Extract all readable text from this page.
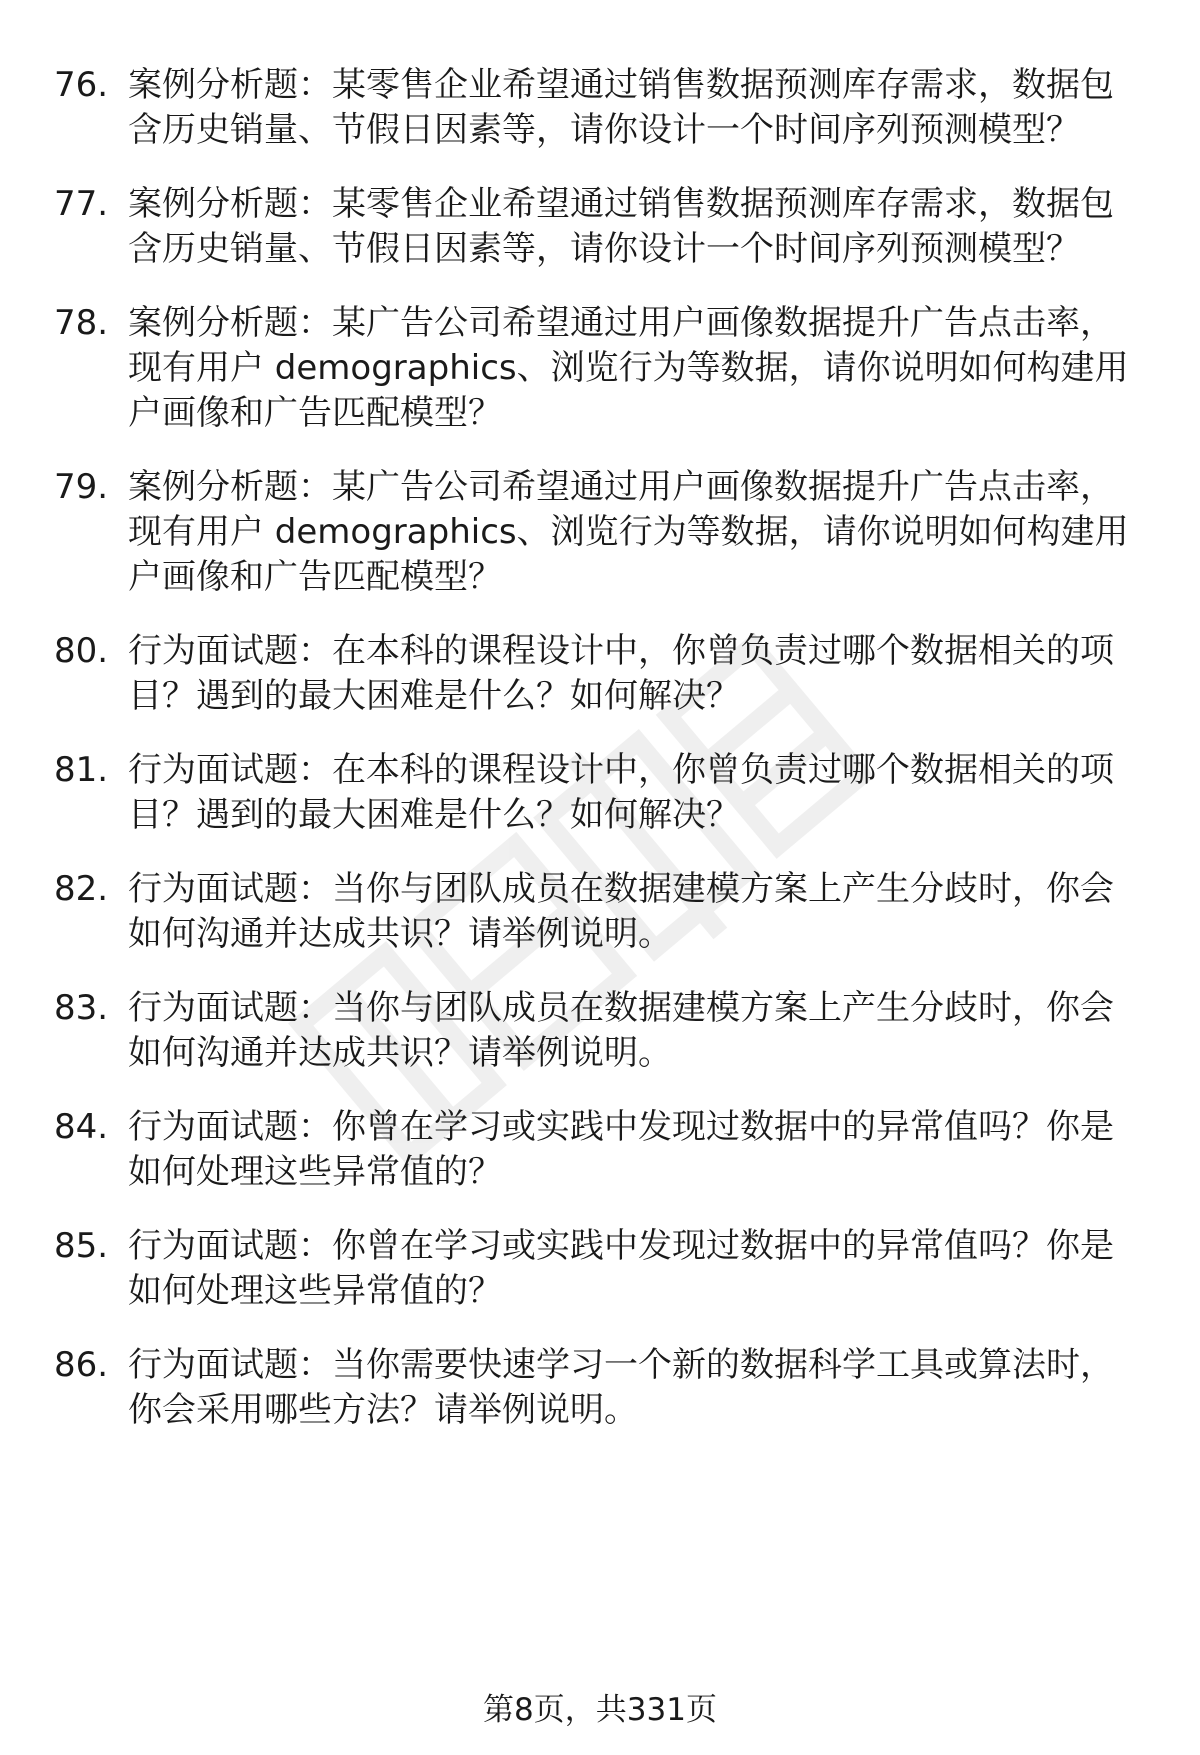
76. 案例分析题：某零售企业希望通过销售数据预测库存需求，数据包含历史销量、节假日因素等，请你设计一个时间序列预测模型？
77. 案例分析题：某零售企业希望通过销售数据预测库存需求，数据包含历史销量、节假日因素等，请你设计一个时间序列预测模型？
78. 案例分析题：某广告公司希望通过用户画像数据提升广告点击率，现有用户 demographics、浏览行为等数据，请你说明如何构建用户画像和广告匹配模型？
79. 案例分析题：某广告公司希望通过用户画像数据提升广告点击率，现有用户 demographics、浏览行为等数据，请你说明如何构建用户画像和广告匹配模型？
80. 行为面试题：在本科的课程设计中，你曾负责过哪个数据相关的项目？遇到的最大困难是什么？如何解决？
81. 行为面试题：在本科的课程设计中，你曾负责过哪个数据相关的项目？遇到的最大困难是什么？如何解决？
82. 行为面试题：当你与团队成员在数据建模方案上产生分歧时，你会如何沟通并达成共识？请举例说明。
83. 行为面试题：当你与团队成员在数据建模方案上产生分歧时，你会如何沟通并达成共识？请举例说明。
84. 行为面试题：你曾在学习或实践中发现过数据中的异常值吗？你是如何处理这些异常值的？
85. 行为面试题：你曾在学习或实践中发现过数据中的异常值吗？你是如何处理这些异常值的？
86. 行为面试题：当你需要快速学习一个新的数据科学工具或算法时，你会采用哪些方法？请举例说明。
第8页，共331页
